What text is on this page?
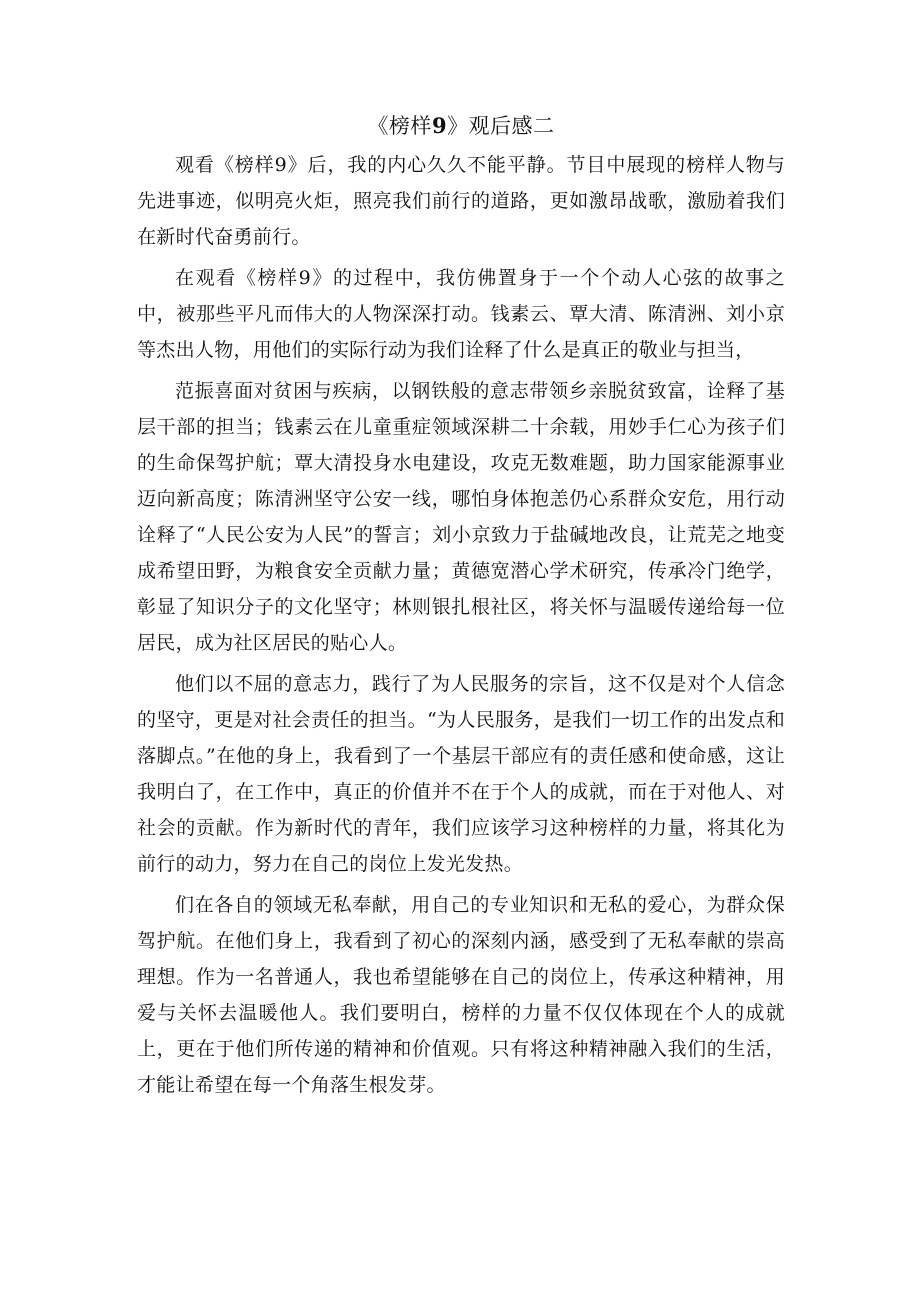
《榜样9》观后感二

观看《榜样9》后，我的内心久久不能平静。节目中展现的榜样人物与先进事迹，似明亮火炬，照亮我们前行的道路，更如激昂战歌，激励着我们在新时代奋勇前行。

在观看《榜样9》的过程中，我仿佛置身于一个个动人心弦的故事之中，被那些平凡而伟大的人物深深打动。钱素云、覃大清、陈清洲、刘小京等杰出人物，用他们的实际行动为我们诠释了什么是真正的敬业与担当，

范振喜面对贫困与疾病，以钢铁般的意志带领乡亲脱贫致富，诠释了基层干部的担当；钱素云在儿童重症领域深耕二十余载，用妙手仁心为孩子们的生命保驾护航；覃大清投身水电建设，攻克无数难题，助力国家能源事业迈向新高度；陈清洲坚守公安一线，哪怕身体抱恙仍心系群众安危，用行动诠释了“人民公安为人民”的誓言；刘小京致力于盐碱地改良，让荒芜之地变成希望田野，为粮食安全贡献力量；黄德宽潜心学术研究，传承冷门绝学，彰显了知识分子的文化坚守；林则银扎根社区，将关怀与温暖传递给每一位居民，成为社区居民的贴心人。

他们以不屈的意志力，践行了为人民服务的宗旨，这不仅是对个人信念的坚守，更是对社会责任的担当。“为人民服务，是我们一切工作的出发点和落脚点。”在他的身上，我看到了一个基层干部应有的责任感和使命感，这让我明白了，在工作中，真正的价值并不在于个人的成就，而在于对他人、对社会的贡献。作为新时代的青年，我们应该学习这种榜样的力量，将其化为前行的动力，努力在自己的岗位上发光发热。

们在各自的领域无私奉献，用自己的专业知识和无私的爱心，为群众保驾护航。在他们身上，我看到了初心的深刻内涵，感受到了无私奉献的崇高理想。作为一名普通人，我也希望能够在自己的岗位上，传承这种精神，用爱与关怀去温暖他人。我们要明白，榜样的力量不仅仅体现在个人的成就上，更在于他们所传递的精神和价值观。只有将这种精神融入我们的生活，才能让希望在每一个角落生根发芽。
